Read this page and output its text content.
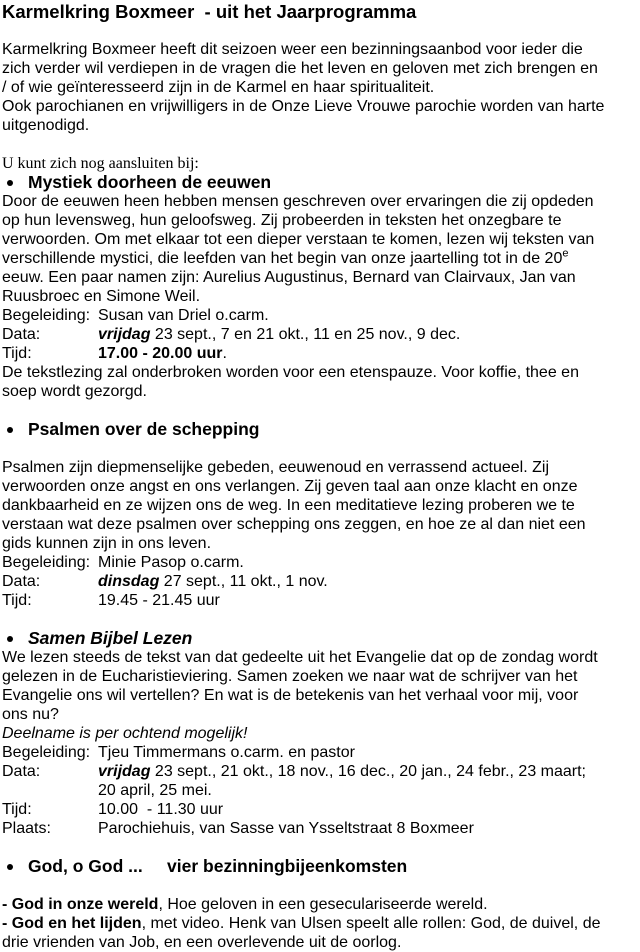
Karmelkring Boxmeer  - uit het Jaarprogramma
Karmelkring Boxmeer heeft dit seizoen weer een bezinningsaanbod voor ieder die
zich verder wil verdiepen in de vragen die het leven en geloven met zich brengen en
/ of wie geïnteresseerd zijn in de Karmel en haar spiritualiteit.
Ook parochianen en vrijwilligers in de Onze Lieve Vrouwe parochie worden van harte
uitgenodigd.
U kunt zich nog aansluiten bij:
Mystiek doorheen de eeuwen
Door de eeuwen heen hebben mensen geschreven over ervaringen die zij opdeden
op hun levensweg, hun geloofsweg. Zij probeerden in teksten het onzegbare te
verwoorden. Om met elkaar tot een dieper verstaan te komen, lezen wij teksten van
verschillende mystici, die leefden van het begin van onze jaartelling tot in de 20e
eeuw. Een paar namen zijn: Aurelius Augustinus, Bernard van Clairvaux, Jan van
Ruusbroec en Simone Weil.
Begeleiding: Susan van Driel o.carm.
Data:	vrijdag 23 sept., 7 en 21 okt., 11 en 25 nov., 9 dec.
Tijd:	17.00 - 20.00 uur.
De tekstlezing zal onderbroken worden voor een etenspauze. Voor koffie, thee en
soep wordt gezorgd.
Psalmen over de schepping
Psalmen zijn diepmenselijke gebeden, eeuwenoud en verrassend actueel. Zij
verwoorden onze angst en ons verlangen. Zij geven taal aan onze klacht en onze
dankbaarheid en ze wijzen ons de weg. In een meditatieve lezing proberen we te
verstaan wat deze psalmen over schepping ons zeggen, en hoe ze al dan niet een
gids kunnen zijn in ons leven.
Begeleiding: Minie Pasop o.carm.
Data:	dinsdag 27 sept., 11 okt., 1 nov.
Tijd:	19.45 - 21.45 uur
Samen Bijbel Lezen
We lezen steeds de tekst van dat gedeelte uit het Evangelie dat op de zondag wordt
gelezen in de Eucharistieviering. Samen zoeken we naar wat de schrijver van het
Evangelie ons wil vertellen? En wat is de betekenis van het verhaal voor mij, voor
ons nu?
Deelname is per ochtend mogelijk!
Begeleiding: Tjeu Timmermans o.carm. en pastor
Data:	vrijdag 23 sept., 21 okt., 18 nov., 16 dec., 20 jan., 24 febr., 23 maart;
20 april, 25 mei.
Tijd:	10.00  - 11.30 uur
Plaats:	Parochiehuis, van Sasse van Ysseltstraat 8 Boxmeer
God, o God ...     vier bezinningbijeenkomsten
- God in onze wereld, Hoe geloven in een geseculariseerde wereld.
- God en het lijden, met video. Henk van Ulsen speelt alle rollen: God, de duivel, de
drie vrienden van Job, en een overlevende uit de oorlog.
